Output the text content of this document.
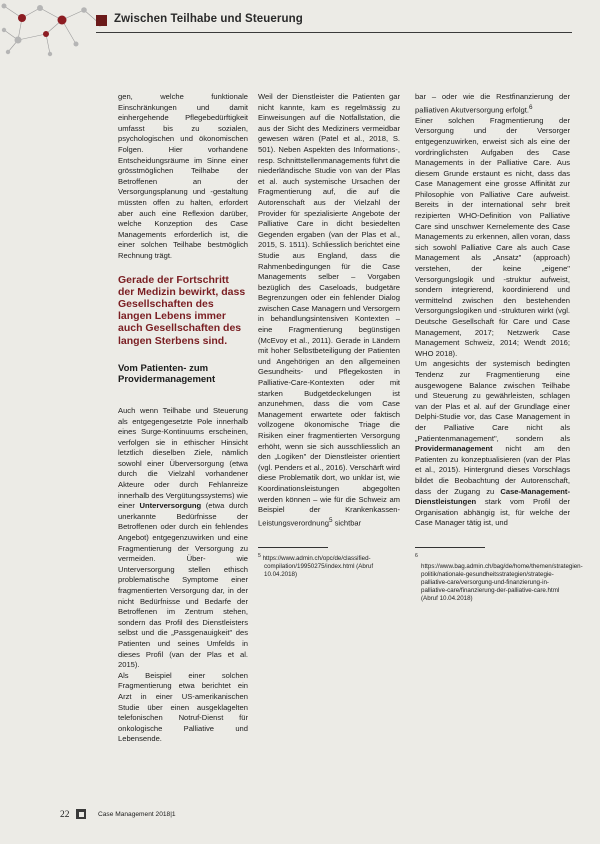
Zwischen Teilhabe und Steuerung

gen, welche funktionale Einschränkungen und damit einhergehende Pflegebedürftigkeit umfasst bis zu sozialen, psychologischen und ökonomischen Folgen. Hier vorhandene Entscheidungsräume im Sinne einer grösstmöglichen Teilhabe der Betroffenen an der Versorgungsplanung und -gestaltung müssten offen zu halten, erfordert aber auch eine Reflexion darüber, welche Konzeption des Case Managements erforderlich ist, die einer solchen Teilhabe bestmöglich Rechnung trägt.

Gerade der Fortschritt der Medizin bewirkt, dass Gesellschaften des langen Lebens immer auch Gesellschaften des langen Sterbens sind.

Vom Patienten- zum Providermanagement

Auch wenn Teilhabe und Steuerung als entgegengesetzte Pole innerhalb eines Surge-Kontinuums erscheinen, verfolgen sie in ethischer Hinsicht letztlich dieselben Ziele, nämlich sowohl einer Überversorgung (etwa durch die Vielzahl vorhandener Akteure oder durch Fehlanreize innerhalb des Vergütungssystems) wie einer Unterversorgung (etwa durch unerkannte Bedürfnisse der Betroffenen oder durch ein fehlendes Angebot) entgegenzuwirken und eine Fragmentierung der Versorgung zu vermeiden. Über- wie Unterversorgung stellen ethisch problematische Symptome einer fragmentierten Versorgung dar, in der nicht Bedürfnisse und Bedarfe der Betroffenen im Zentrum stehen, sondern das Profil des Dienstleisters selbst und die „Passgenauigkeit" des Patienten und seines Umfelds in dieses Profil (van der Plas et al. 2015).

Als Beispiel einer solchen Fragmentierung etwa berichtet ein Arzt in einer US-amerikanischen Studie über einen ausgeklagelten telefonischen Notruf-Dienst für onkologische Palliative und Lebensende.

Weil der Dienstleister die Patienten gar nicht kannte, kam es regelmässig zu Einweisungen auf die Notfallstation, die aus der Sicht des Mediziners vermeidbar gewesen wären (Patel et al., 2018, S. 501). Neben Aspekten des Informations-, resp. Schnittstellenmanagements führt die niederländische Studie von van der Plas et al. auch systemische Ursachen der Fragmentierung auf, die auf die Autorenschaft aus der Vielzahl der Provider für spezialisierte Angebote der Palliative Care in dicht besiedelten Gegenden ergaben (van der Plas et al., 2015, S. 1511). Schliesslich berichtet eine Studie aus England, dass die Rahmenbedingungen für die Case Managements selber – Vorgaben bezüglich des Caseloads, budgetäre Begrenzungen oder ein fehlender Dialog zwischen Case Managern und Versorgern in behandlungsintensiven Kontexten – eine Fragmentierung begünstigen (McEvoy et al., 2011). Gerade in Ländern mit hoher Selbstbeteiligung der Patienten und Angehörigen an den allgemeinen Gesundheits- und Pflegekosten in Palliative-Care-Kontexten oder mit starken Budgetdeckelungen ist anzunehmen, dass die vom Case Management erwartete oder faktisch vollzogene ökonomische Triage die Risiken einer fragmentierten Versorgung erhöht, wenn sie sich ausschliesslich an den „Logiken" der Dienstleister orientiert (vgl. Penders et al., 2016). Verschärft wird diese Problematik dort, wo unklar ist, wie Koordinationsleistungen abgegolten werden können – wie für die Schweiz am Beispiel der Krankenkassen-Leistungsverordnung$^5$ sichtbar

$^5$ https://www.admin.ch/opc/de/classified-compilation/19950275/index.html (Abruf 10.04.2018)

bar – oder wie die Restfinanzierung der palliativen Akutversorgung erfolgt.$^6$

Einer solchen Fragmentierung der Versorgung und der Versorger entgegenzuwirken, erweist sich als eine der vordringlichsten Aufgaben des Case Managements in der Palliative Care. Aus diesem Grunde erstaunt es nicht, dass das Case Management eine grosse Affinität zur Philosophie von Palliative Care aufweist. Bereits in der international sehr breit rezipierten WHO-Definition von Palliative Care sind unschwer Kernelemente des Case Managements zu erkennen, allen voran, dass sich sowohl Palliative Care als auch Case Management als „Ansatz" (approach) verstehen, der keine „eigene" Versorgungslogik und -struktur aufweist, sondern integrierend, koordinierend und vermittelnd zwischen den bestehenden Versorgungslogiken und -strukturen wirkt (vgl. Deutsche Gesellschaft für Care und Case Management, 2017; Netzwerk Case Management Schweiz, 2014; Wendt 2016; WHO 2018).

Um angesichts der systemisch bedingten Tendenz zur Fragmentierung eine ausgewogene Balance zwischen Teilhabe und Steuerung zu gewährleisten, schlagen van der Plas et al. auf der Grundlage einer Delphi-Studie vor, das Case Management in der Palliative Care nicht als „Patientenmanagement", sondern als Providermanagement nicht am den Patienten zu konzeptualisieren (van der Plas et al., 2015). Hintergrund dieses Vorschlags bildet die Beobachtung der Autorenschaft, dass der Zugang zu Case-Management-Dienstleistungen stark vom Profil der Organisation abhängig ist, für welche der Case Manager tätig ist, und

$^6$ https://www.bag.admin.ch/bag/de/home/themen/strategien-politik/nationale-gesundheitsstrategien/strategie-palliative-care/versorgung-und-finanzierung-in-palliative-care/finanzierung-der-palliative-care.html (Abruf 10.04.2018)

22	Case Management 2018|1
